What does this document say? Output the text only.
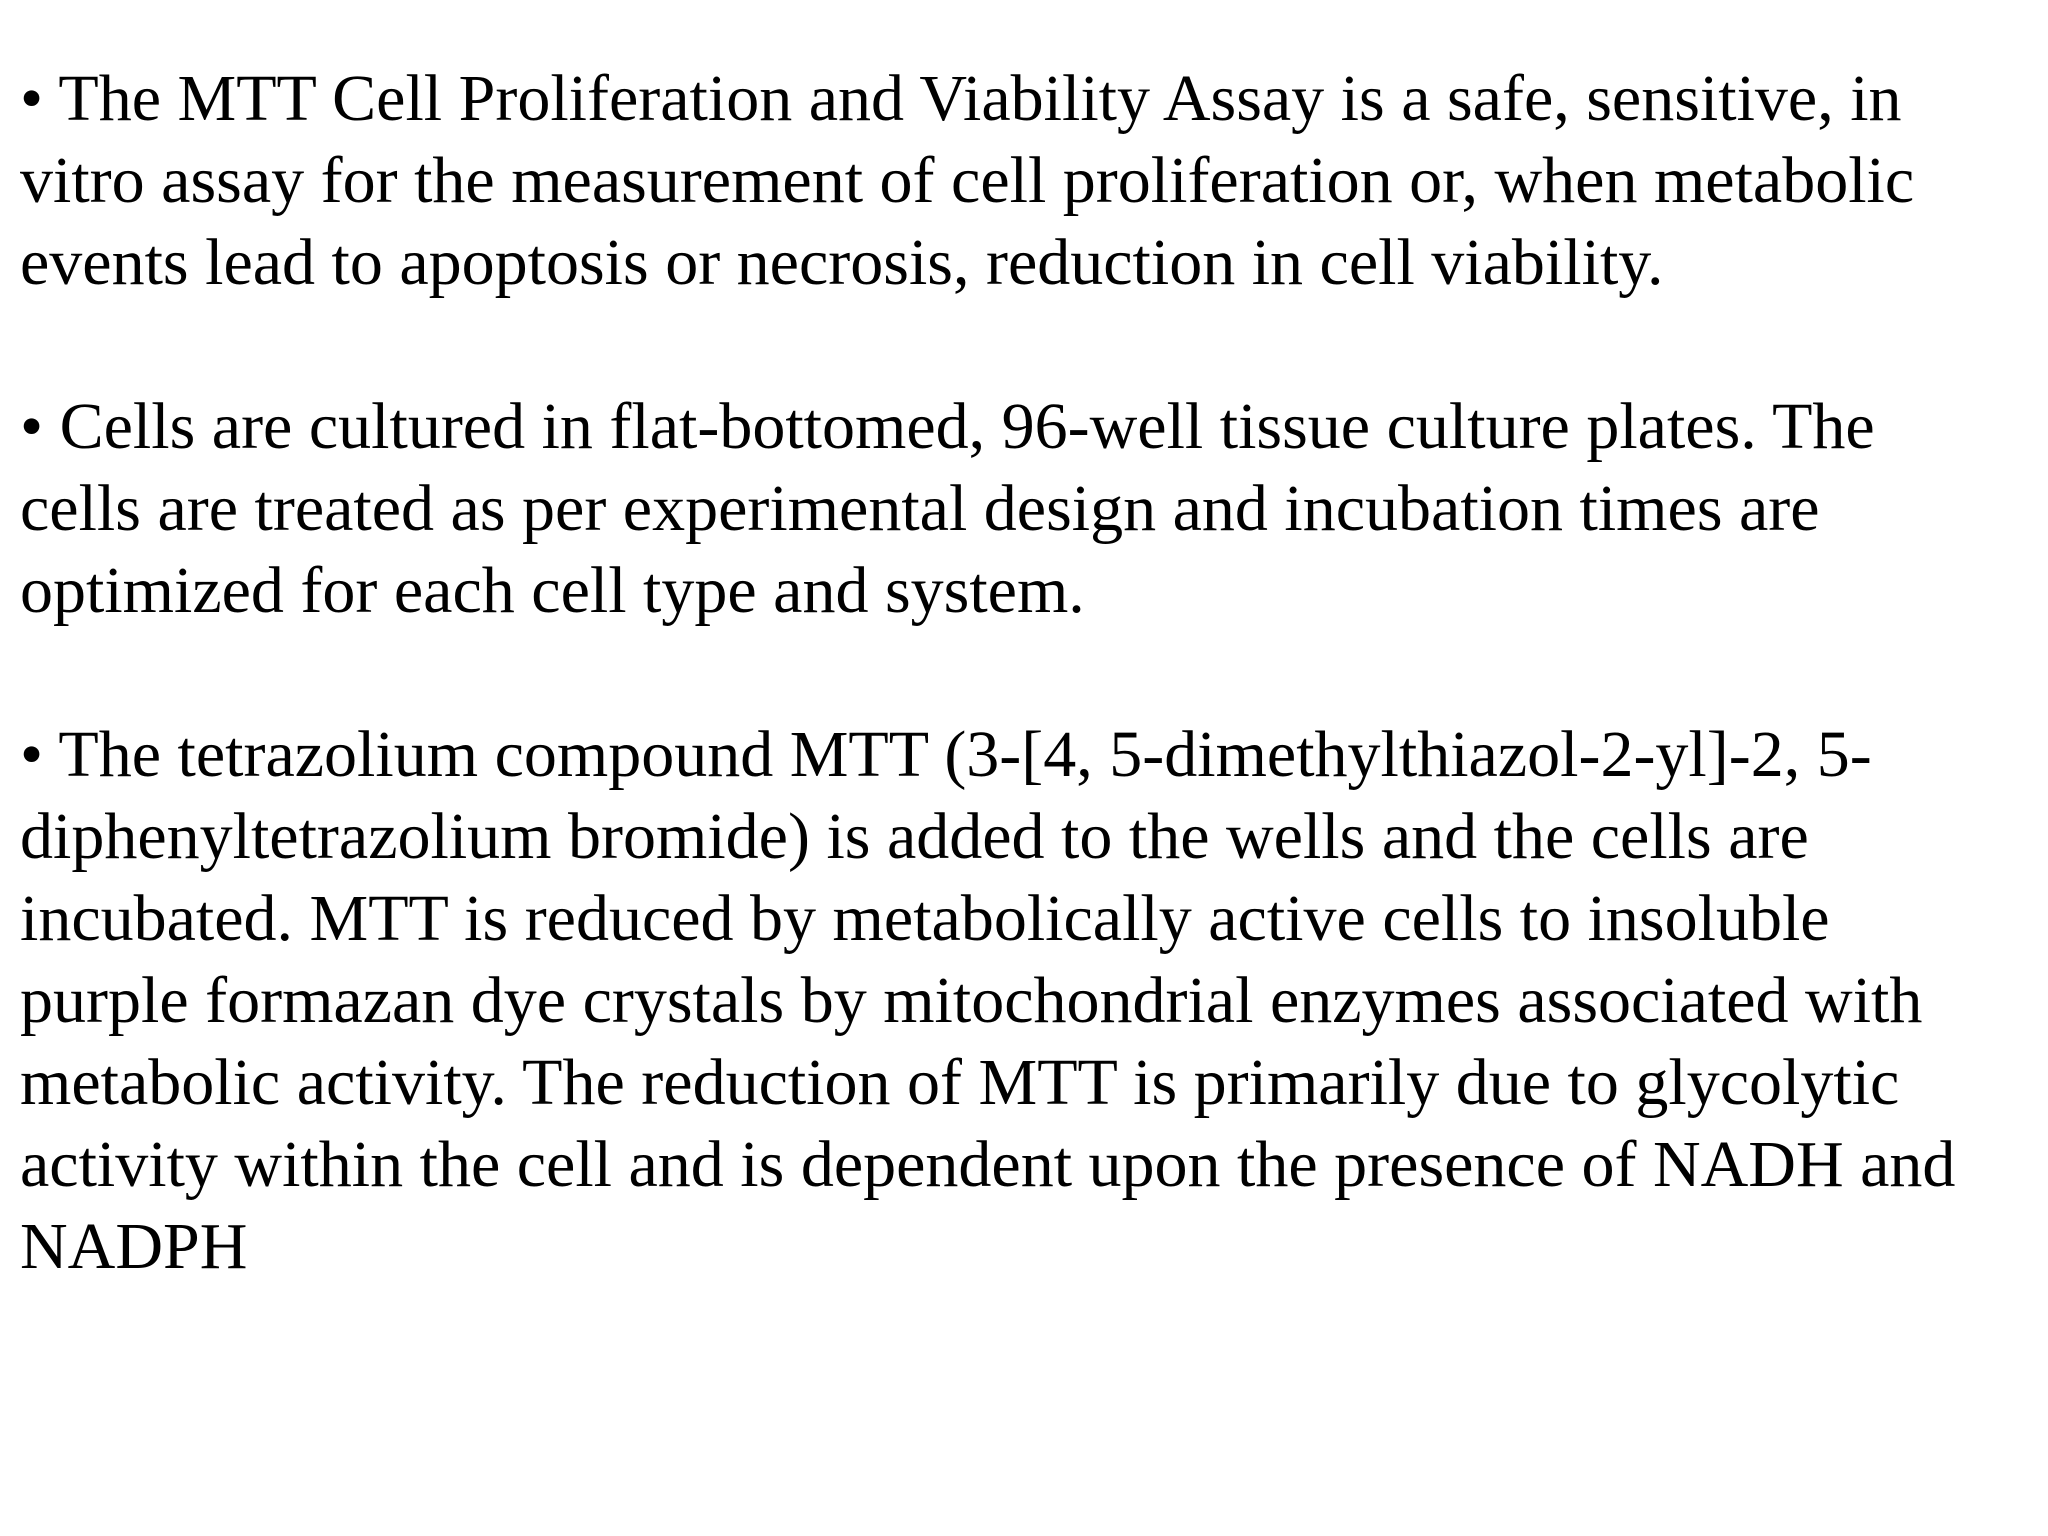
• The MTT Cell Proliferation and Viability Assay is a safe, sensitive, in
vitro assay for the measurement of cell proliferation or, when metabolic
events lead to apoptosis or necrosis, reduction in cell viability.

• Cells are cultured in flat-bottomed, 96-well tissue culture plates. The
cells are treated as per experimental design and incubation times are
optimized for each cell type and system.

• The tetrazolium compound MTT (3-[4, 5-dimethylthiazol-2-yl]-2, 5-
diphenyltetrazolium bromide) is added to the wells and the cells are
incubated. MTT is reduced by metabolically active cells to insoluble
purple formazan dye crystals by mitochondrial enzymes associated with
metabolic activity. The reduction of MTT is primarily due to glycolytic
activity within the cell and is dependent upon the presence of NADH and
NADPH
